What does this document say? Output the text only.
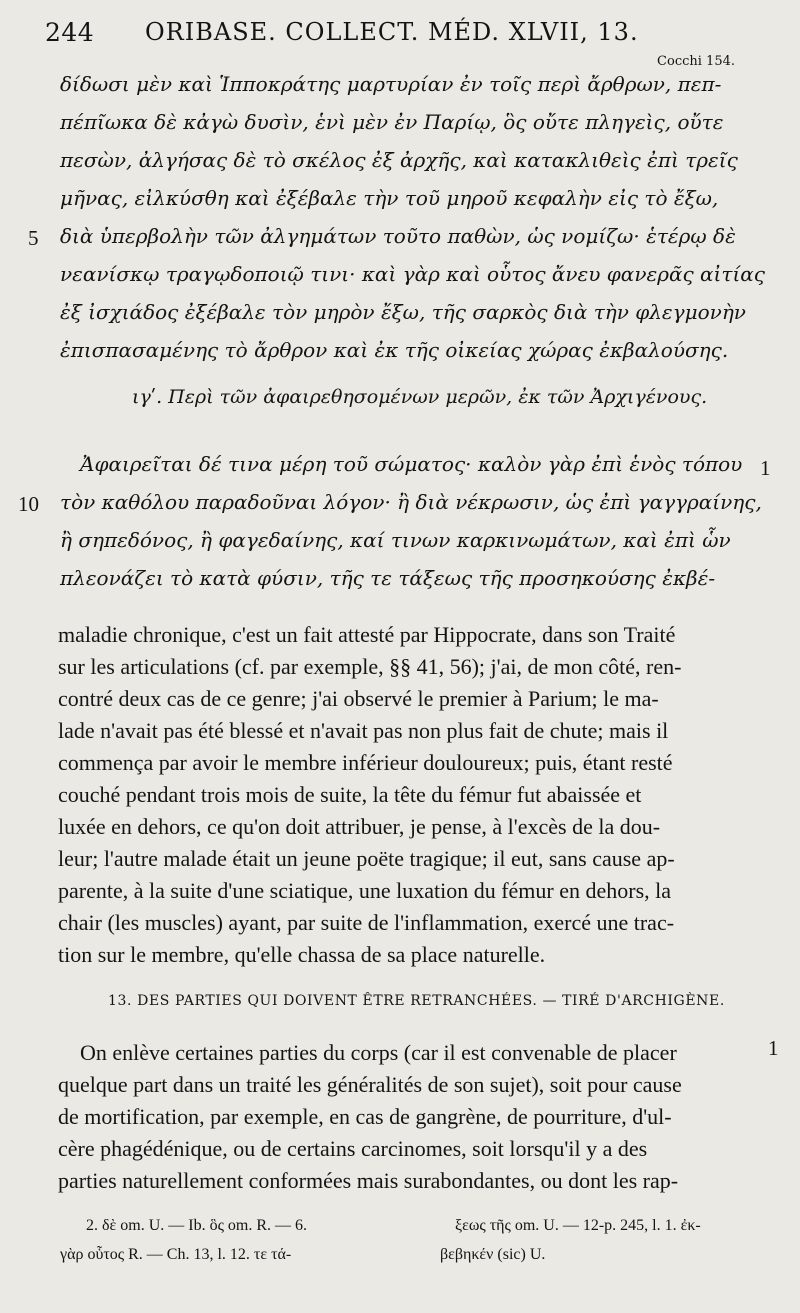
244 ORIBASE. COLLECT. MÉD. XLVII, 13.
Cocchi 154.
δίδωσι μὲν καὶ Ἱπποκράτης μαρτυρίαν ἐν τοῖς περὶ ἄρθρων, πεπ-
πέπῖωκα δὲ κἀγὼ δυσὶν, ἑνὶ μὲν ἐν Παρίῳ, ὃς οὔτε πληγεὶς, οὔτε
πεσὼν, ἀλγήσας δὲ τὸ σκέλος ἐξ ἀρχῆς, καὶ κατακλιθεὶς ἐπὶ τρεῖς
μῆνας, εἰλκύσθη καὶ ἐξέβαλε τὴν τοῦ μηροῦ κεφαλὴν εἰς τὸ ἔξω,
διὰ ὑπερβολὴν τῶν ἀλγημάτων τοῦτο παθὼν, ὡς νομίζω· ἑτέρῳ δὲ
νεανίσκῳ τραγῳδοποιῷ τινι· καὶ γὰρ καὶ οὗτος ἄνευ φανερᾶς αἰτίας
ἐξ ἰσχιάδος ἐξέβαλε τὸν μηρὸν ἔξω, τῆς σαρκὸς διὰ τὴν φλεγμονὴν
ἐπισπασαμένης τὸ ἄρθρον καὶ ἐκ τῆς οἰκείας χώρας ἐκβαλούσης.
5
ιγʹ. Περὶ τῶν ἀφαιρεθησομένων μερῶν, ἐκ τῶν Ἀρχιγένους.
Ἀφαιρεῖται δέ τινα μέρη τοῦ σώματος· καλὸν γὰρ ἐπὶ ἑνὸς τόπου
τὸν καθόλου παραδοῦναι λόγον· ἢ διὰ νέκρωσιν, ὡς ἐπὶ γαγγραίνης,
ἢ σηπεδόνος, ἢ φαγεδαίνης, καί τινων καρκινωμάτων, καὶ ἐπὶ ὧν
πλεονάζει τὸ κατὰ φύσιν, τῆς τε τάξεως τῆς προσηκούσης ἐκβέ-
1
10
maladie chronique, c'est un fait attesté par Hippocrate, dans son Traité
sur les articulations (cf. par exemple, §§ 41, 56); j'ai, de mon côté, ren-
contré deux cas de ce genre; j'ai observé le premier à Parium; le ma-
lade n'avait pas été blessé et n'avait pas non plus fait de chute; mais il
commença par avoir le membre inférieur douloureux; puis, étant resté
couché pendant trois mois de suite, la tête du fémur fut abaissée et
luxée en dehors, ce qu'on doit attribuer, je pense, à l'excès de la dou-
leur; l'autre malade était un jeune poëte tragique; il eut, sans cause ap-
parente, à la suite d'une sciatique, une luxation du fémur en dehors, la
chair (les muscles) ayant, par suite de l'inflammation, exercé une trac-
tion sur le membre, qu'elle chassa de sa place naturelle.
13. DES PARTIES QUI DOIVENT ÊTRE RETRANCHÉES. — TIRÉ D'ARCHIGÈNE.
On enlève certaines parties du corps (car il est convenable de placer
quelque part dans un traité les généralités de son sujet), soit pour cause
de mortification, par exemple, en cas de gangrène, de pourriture, d'ul-
cère phagédénique, ou de certains carcinomes, soit lorsqu'il y a des
parties naturellement conformées mais surabondantes, ou dont les rap-
1
2. δὲ om. U. — Ib. ὃς om. R. — 6.
γὰρ οὗτος R. — Ch. 13, l. 12. τε τά-
ξεως τῆς om. U. — 12-p. 245, l. 1. ἐκ-
βεβηκέν (sic) U.
